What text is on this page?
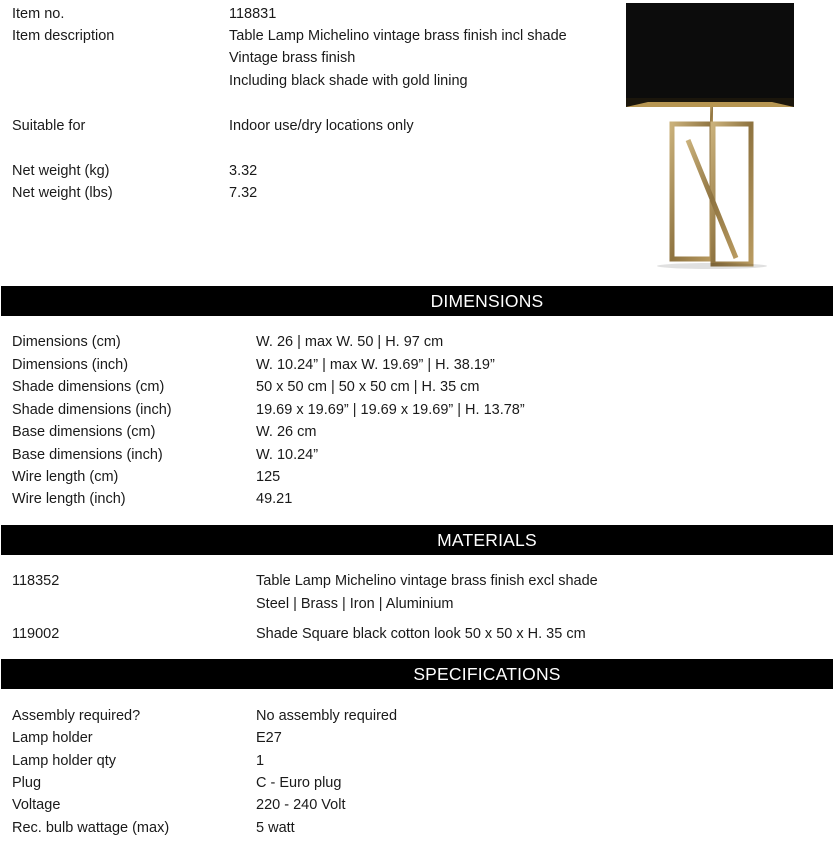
Item no.	118831
Item description	Table Lamp Michelino vintage brass finish incl shade
Vintage brass finish
Including black shade with gold lining
Suitable for	Indoor use/dry locations only
Net weight (kg)	3.32
Net weight (lbs)	7.32
DIMENSIONS
Dimensions (cm)	W. 26 | max W. 50 | H. 97 cm
Dimensions (inch)	W. 10.24” | max W. 19.69” | H. 38.19”
Shade dimensions (cm)	50 x 50 cm | 50 x 50 cm | H. 35 cm
Shade dimensions (inch)	19.69 x 19.69” | 19.69 x 19.69” | H. 13.78”
Base dimensions (cm)	W. 26 cm
Base dimensions (inch)	W. 10.24”
Wire length (cm)	125
Wire length (inch)	49.21
MATERIALS
118352	Table Lamp Michelino vintage brass finish excl shade
Steel | Brass | Iron | Aluminium
119002	Shade Square black cotton look 50 x 50 x H. 35 cm
SPECIFICATIONS
Assembly required?	No assembly required
Lamp holder	E27
Lamp holder qty	1
Plug	C - Euro plug
Voltage	220 - 240 Volt
Rec. bulb wattage (max)	5 watt
